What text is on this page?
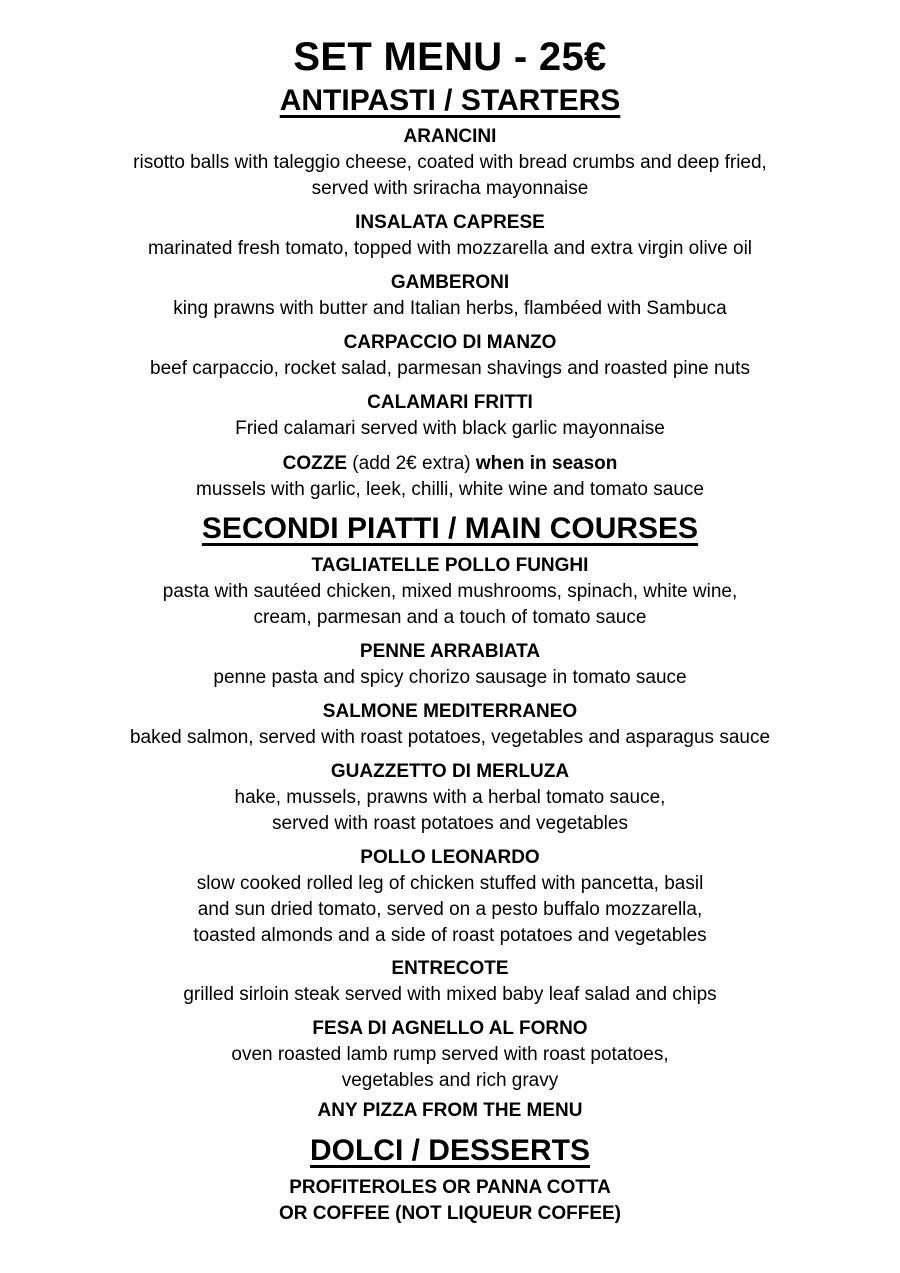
SET MENU - 25€
ANTIPASTI / STARTERS
ARANCINI
risotto balls with taleggio cheese, coated with bread crumbs and deep fried,
served with sriracha mayonnaise
INSALATA CAPRESE
marinated fresh tomato, topped with mozzarella and extra virgin olive oil
GAMBERONI
king prawns with butter and Italian herbs, flambéed with Sambuca
CARPACCIO DI MANZO
beef carpaccio, rocket salad, parmesan shavings and roasted pine nuts
CALAMARI FRITTI
Fried calamari served with black garlic mayonnaise
COZZE (add 2€ extra) when in season
mussels with garlic, leek, chilli, white wine and tomato sauce
SECONDI PIATTI / MAIN COURSES
TAGLIATELLE POLLO FUNGHI
pasta with sautéed chicken, mixed mushrooms, spinach, white wine,
cream, parmesan and a touch of tomato sauce
PENNE ARRABIATA
penne pasta and spicy chorizo sausage in tomato sauce
SALMONE MEDITERRANEO
baked salmon, served with roast potatoes, vegetables and asparagus sauce
GUAZZETTO DI MERLUZA
hake, mussels, prawns with a herbal tomato sauce,
served with roast potatoes and vegetables
POLLO LEONARDO
slow cooked rolled leg of chicken stuffed with pancetta, basil
and sun dried tomato, served on a pesto buffalo mozzarella,
toasted almonds and a side of roast potatoes and vegetables
ENTRECOTE
grilled sirloin steak served with mixed baby leaf salad and chips
FESA DI AGNELLO AL FORNO
oven roasted lamb rump served with roast potatoes,
vegetables and rich gravy
ANY PIZZA FROM THE MENU
DOLCI / DESSERTS
PROFITEROLES OR PANNA COTTA
OR COFFEE (NOT LIQUEUR COFFEE)
